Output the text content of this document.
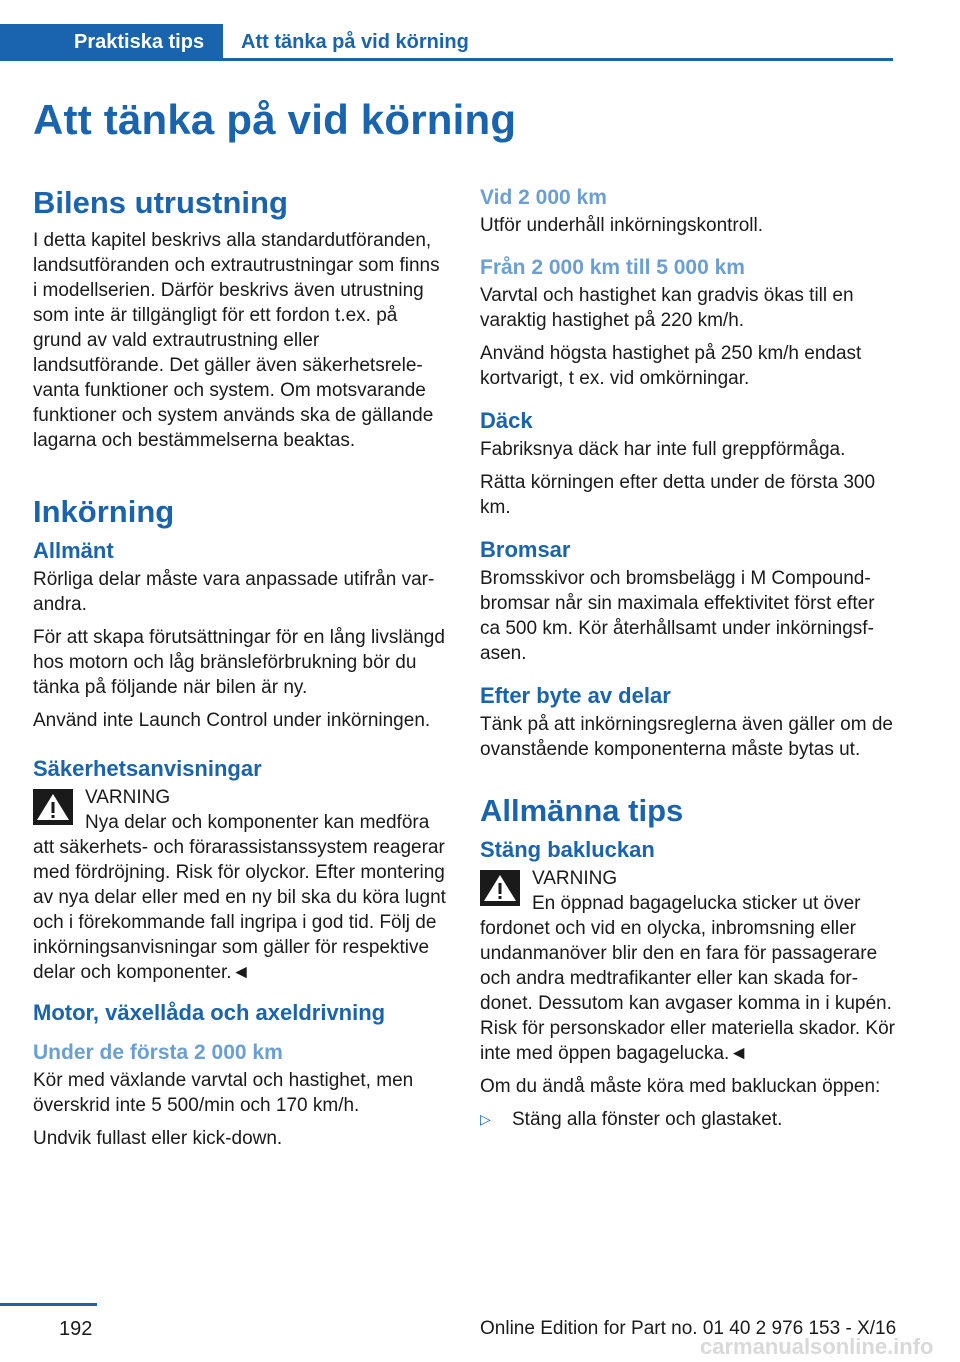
Praktiska tips	Att tänka på vid körning
Att tänka på vid körning
Bilens utrustning

I detta kapitel beskrivs alla standardutföranden, landsutföranden och extrautrustningar som finns i modellserien. Därför beskrivs även utrustning som inte är tillgängligt för ett fordon t.ex. på grund av vald extrautrustning eller landsutförande. Det gäller även säkerhetsrelevanta funktioner och system. Om motsvarande funktioner och system används ska de gällande lagarna och bestämmelserna beaktas.

Inkörning
Allmänt

Rörliga delar måste vara anpassade utifrån varandra.

För att skapa förutsättningar för en lång livslängd hos motorn och låg bränsleförbrukning bör du tänka på följande när bilen är ny.

Använd inte Launch Control under inkörningen.

Säkerhetsanvisningar

VARNING

Nya delar och komponenter kan medföra att säkerhets- och förarassistanssystem reagerar med fördröjning. Risk för olyckor. Efter montering av nya delar eller med en ny bil ska du köra lugnt och i förekommande fall ingripa i god tid. Följ de inkörningsanvisningar som gäller för respektive delar och komponenter.◄

Motor, växellåda och axeldrivning
Under de första 2 000 km

Kör med växlande varvtal och hastighet, men överskrid inte 5 500/min och 170 km/h.

Undvik fullast eller kick-down.

Vid 2 000 km

Utför underhåll inkörningskontroll.

Från 2 000 km till 5 000 km

Varvtal och hastighet kan gradvis ökas till en varaktig hastighet på 220 km/h.

Använd högsta hastighet på 250 km/h endast kortvarigt, t ex. vid omkörningar.

Däck

Fabriksnya däck har inte full greppförmåga.

Rätta körningen efter detta under de första 300 km.

Bromsar

Bromsskivor och bromsbelägg i M Compound-bromsar når sin maximala effektivitet först efter ca 500 km. Kör återhållsamt under inkörningsfasen.

Efter byte av delar

Tänk på att inkörningsreglerna även gäller om de ovanstående komponenterna måste bytas ut.

Allmänna tips
Stäng bakluckan

VARNING

En öppnad bagagelucka sticker ut över fordonet och vid en olycka, inbromsning eller undanmanöver blir den en fara för passagerare och andra medtrafikanter eller kan skada fordonet. Dessutom kan avgaser komma in i kupén. Risk för personskador eller materiella skador. Kör inte med öppen bagagelucka.◄

Om du ändå måste köra med bakluckan öppen:

▷	Stäng alla fönster och glastaket.
192	Online Edition for Part no. 01 40 2 976 153 - X/16
carmanualsonline.info
